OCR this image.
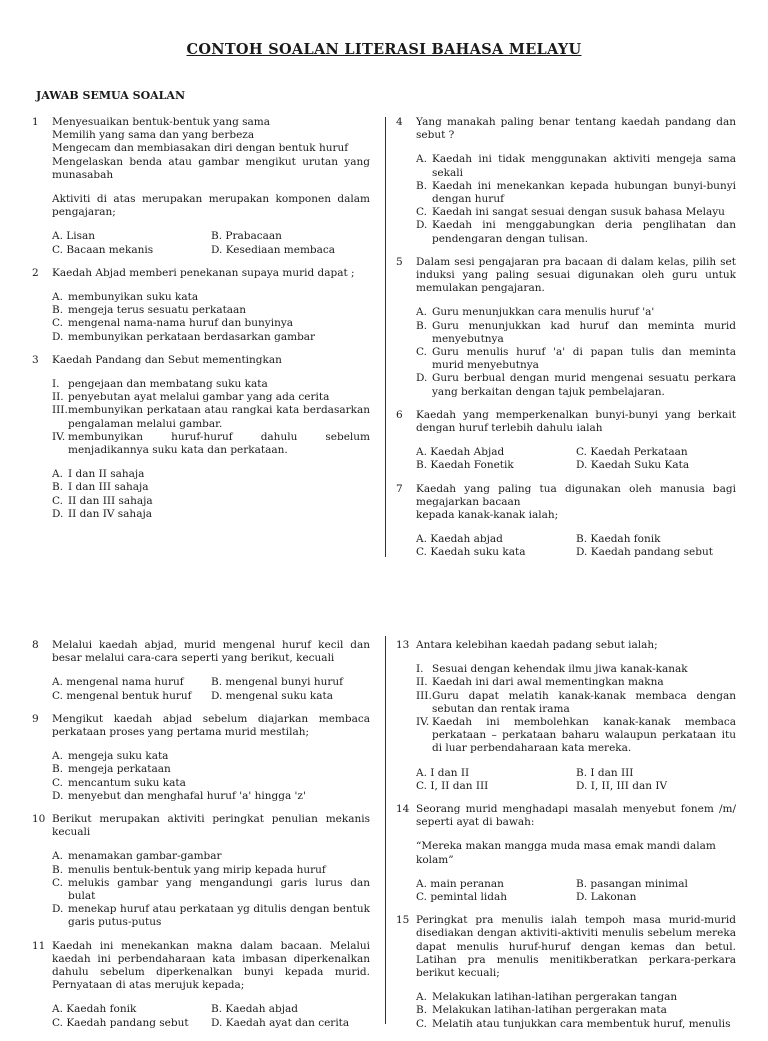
CONTOH SOALAN LITERASI BAHASA MELAYU
JAWAB SEMUA SOALAN
1 Menyesuaikan bentuk-bentuk yang sama

Memilih yang sama dan yang berbeza

Mengecam dan membiasakan diri dengan bentuk huruf

Mengelaskan benda atau gambar mengikut urutan yang munasabah

Aktiviti di atas merupakan merupakan komponen dalam pengajaran;

A. Lisan	B. Prabacaan
C. Bacaan mekanis	D. Kesediaan membaca
2 Kaedah Abjad memberi penekanan supaya murid dapat ;

A. membunyikan suku kata
B. mengeja terus sesuatu perkataan
C. mengenal nama-nama huruf dan bunyinya
D. membunyikan perkataan berdasarkan gambar
3 Kaedah Pandang dan Sebut mementingkan

I. pengejaan dan membatang suku kata
II. penyebutan ayat melalui gambar yang ada cerita
III. membunyikan perkataan atau rangkai kata berdasarkan pengalaman melalui gambar.
IV. membunyikan huruf-huruf dahulu sebelum menjadikannya suku kata dan perkataan.
A. I dan II sahaja
B. I dan III sahaja
C. II dan III sahaja
D. II dan IV sahaja
4 Yang manakah paling benar tentang kaedah pandang dan sebut ?

A. Kaedah ini tidak menggunakan aktiviti mengeja sama sekali
B. Kaedah ini menekankan kepada hubungan bunyi-bunyi dengan huruf
C. Kaedah ini sangat sesuai dengan susuk bahasa Melayu
D. Kaedah ini menggabungkan deria penglihatan dan pendengaran dengan tulisan.
5 Dalam sesi pengajaran pra bacaan di dalam kelas, pilih set induksi yang paling sesuai digunakan oleh guru untuk memulakan pengajaran.

A. Guru menunjukkan cara menulis huruf 'a'
B. Guru menunjukkan kad huruf dan meminta murid menyebutnya
C. Guru menulis huruf 'a' di papan tulis dan meminta murid menyebutnya
D. Guru berbual dengan murid mengenai sesuatu perkara yang berkaitan dengan tajuk pembelajaran.
6 Kaedah yang memperkenalkan bunyi-bunyi yang berkait dengan huruf terlebih dahulu ialah

A. Kaedah Abjad	C. Kaedah Perkataan
B. Kaedah Fonetik	D. Kaedah Suku Kata
7 Kaedah yang paling tua digunakan oleh manusia bagi megajarkan bacaan

kepada kanak-kanak ialah;

A. Kaedah abjad	B. Kaedah fonik
C. Kaedah suku kata	D. Kaedah pandang sebut
8 Melalui kaedah abjad, murid mengenal huruf kecil dan besar melalui cara-cara seperti yang berikut, kecuali

A. mengenal nama huruf	B. mengenal bunyi huruf
C. mengenal bentuk huruf	D. mengenal suku kata
9 Mengikut kaedah abjad sebelum diajarkan membaca perkataan proses yang pertama murid mestilah;

A. mengeja suku kata
B. mengeja perkataan
C. mencantum suku kata
D. menyebut dan menghafal huruf 'a' hingga 'z'
10 Berikut merupakan aktiviti peringkat penulian mekanis kecuali

A. menamakan gambar-gambar
B. menulis bentuk-bentuk yang mirip kepada huruf
C. melukis gambar yang mengandungi garis lurus dan bulat
D. menekap huruf atau perkataan yg ditulis dengan bentuk garis putus-putus
11 Kaedah ini menekankan makna dalam bacaan. Melalui kaedah ini perbendaharaan kata imbasan diperkenalkan dahulu sebelum diperkenalkan bunyi kepada murid. Pernyataan di atas merujuk kepada;

A. Kaedah fonik	B. Kaedah abjad
C. Kaedah pandang sebut	D. Kaedah ayat dan cerita
13 Antara kelebihan kaedah padang sebut ialah;

I. Sesuai dengan kehendak ilmu jiwa kanak-kanak
II. Kaedah ini dari awal mementingkan makna
III. Guru dapat melatih kanak-kanak membaca dengan sebutan dan rentak irama
IV. Kaedah ini membolehkan kanak-kanak membaca perkataan – perkataan baharu walaupun perkataan itu di luar perbendaharaan kata mereka.
A. I dan II	B. I dan III
C. I, II dan III	D. I, II, III dan IV
14 Seorang murid menghadapi masalah menyebut fonem /m/ seperti ayat di bawah:

“Mereka makan mangga muda masa emak mandi dalam kolam”
A. main peranan	B. pasangan minimal
C. pemintal lidah	D. Lakonan
15 Peringkat pra menulis ialah tempoh masa murid-murid disediakan dengan aktiviti-aktiviti menulis sebelum mereka dapat menulis huruf-huruf dengan kemas dan betul. Latihan pra menulis menitikberatkan perkara-perkara berikut kecuali;

A. Melakukan latihan-latihan pergerakan tangan
B. Melakukan latihan-latihan pergerakan mata
C. Melatih atau tunjukkan cara membentuk huruf, menulis
